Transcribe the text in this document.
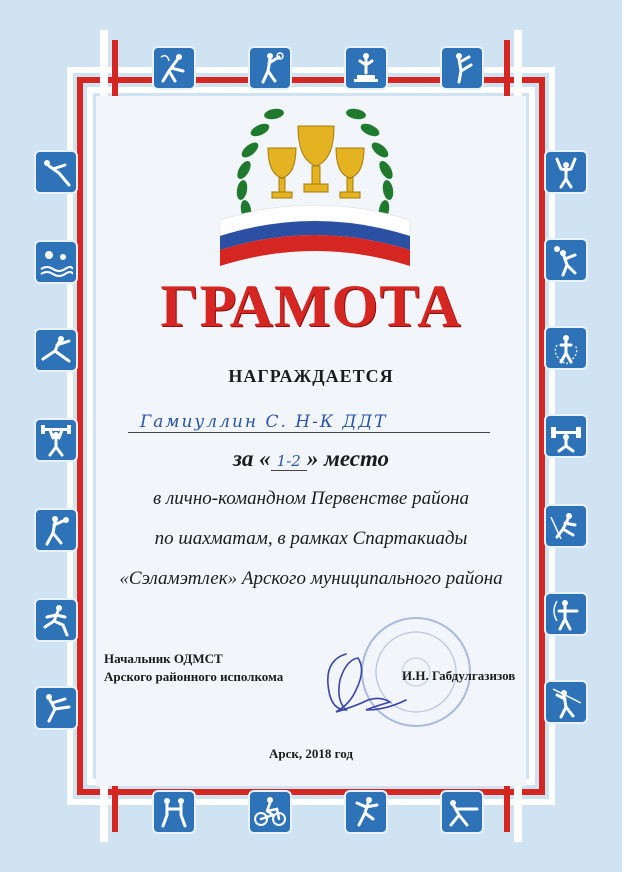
ГРАМОТА
НАГРАЖДАЕТСЯ
Гамиуллин С. Н-К ДДТ
за « 1-2 » место
в лично-командном Первенстве района
по шахматам, в рамках Спартакиады
«Сэламэтлек» Арского муниципального района
Начальник ОДМСТ
Арского районного исполкома	И.Н. Габдулгазизов
Арск, 2018 год
